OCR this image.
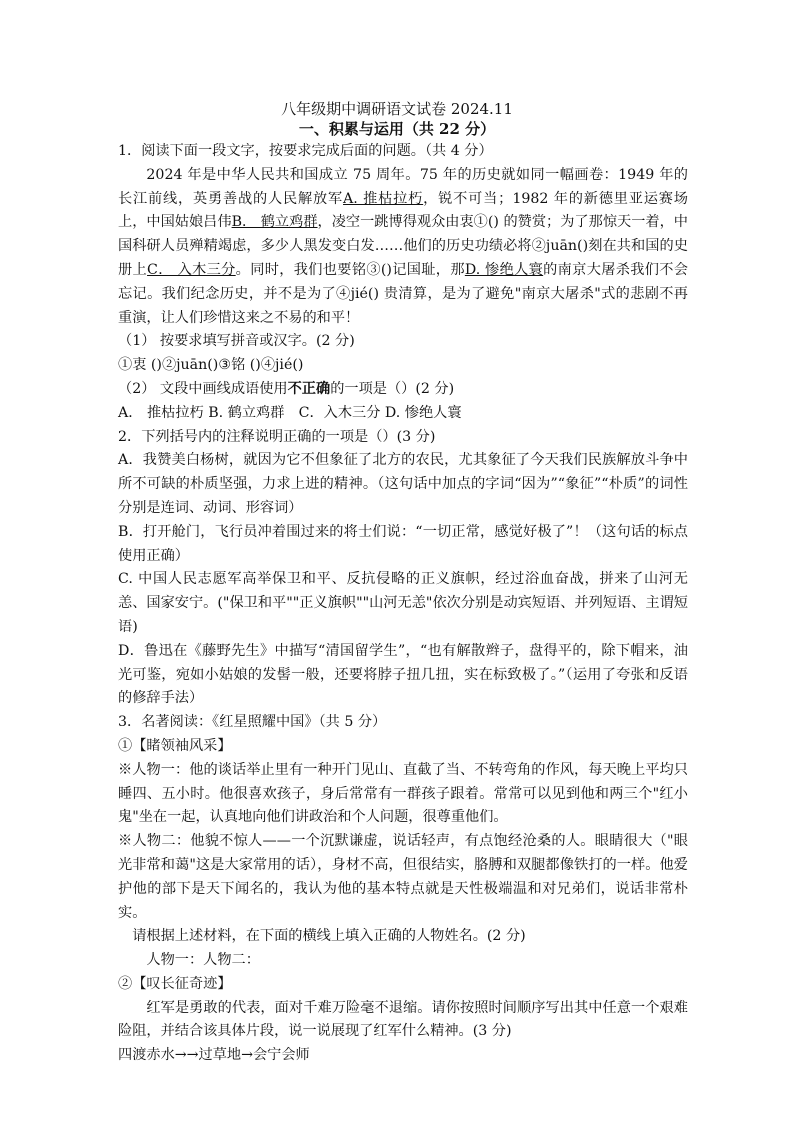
八年级期中调研语文试卷 2024.11
一、积累与运用（共 22 分）

1．阅读下面一段文字，按要求完成后面的问题。（共 4 分）

2024 年是中华人民共和国成立 75 周年。75 年的历史就如同一幅画卷：1949 年的长江前线，英勇善战的人民解放军A. 推枯拉朽，锐不可当；1982 年的新德里亚运赛场上，中国姑娘吕伟B． 鹤立鸡群，凌空一跳博得观众由衷①() 的赞赏；为了那惊天一着，中国科研人员殚精竭虑，多少人黑发变白发……他们的历史功绩必将②juān()刻在共和国的史册上C． 入木三分。同时，我们也要铭③()记国耻，那D. 惨绝人寰的南京大屠杀我们不会忘记。我们纪念历史，并不是为了④jié() 贵清算，是为了避免"南京大屠杀"式的悲剧不再重演，让人们珍惜这来之不易的和平！

（1） 按要求填写拼音或汉字。(2 分)

①衷 ()②juān()③铭 ()④jié()

（2） 文段中画线成语使用不正确的一项是（）(2 分)

A． 推枯拉朽 B. 鹤立鸡群　C．入木三分 D. 惨绝人寰

2．下列括号内的注释说明正确的一项是（）(3 分)

A．我赞美白杨树，就因为它不但象征了北方的农民，尤其象征了今天我们民族解放斗争中所不可缺的朴质坚强，力求上进的精神。（这句话中加点的字词“因为”“象征”“朴质”的词性分别是连词、动词、形容词）

B．打开舱门，飞行员冲着围过来的将士们说：“一切正常，感觉好极了”！（这句话的标点使用正确）

C. 中国人民志愿军高举保卫和平、反抗侵略的正义旗帜，经过浴血奋战，拼来了山河无恙、国家安宁。("保卫和平""正义旗帜""山河无恙"依次分别是动宾短语、并列短语、主谓短语)

D．鲁迅在《藤野先生》中描写“清国留学生”，“也有解散辫子，盘得平的，除下帽来，油光可鉴，宛如小姑娘的发髻一般，还要将脖子扭几扭，实在标致极了。”（运用了夸张和反语的修辞手法）

3．名著阅读：《红星照耀中国》（共 5 分）

①【睹领袖风采】

※人物一：他的谈话举止里有一种开门见山、直截了当、不转弯角的作风，每天晚上平均只睡四、五小时。他很喜欢孩子，身后常常有一群孩子跟着。常常可以见到他和两三个"红小鬼"坐在一起，认真地向他们讲政治和个人问题，很尊重他们。

※人物二：他貌不惊人——一个沉默谦虚，说话轻声，有点饱经沧桑的人。眼睛很大（"眼光非常和蔼"这是大家常用的话），身材不高，但很结实，胳膊和双腿都像铁打的一样。他爱护他的部下是天下闻名的，我认为他的基本特点就是天性极端温和对兄弟们，说话非常朴实。

请根据上述材料，在下面的横线上填入正确的人物姓名。(2 分)

人物一：人物二：

②【叹长征奇迹】

红军是勇敢的代表，面对千难万险毫不退缩。请你按照时间顺序写出其中任意一个艰难险阻，并结合该具体片段，说一说展现了红军什么精神。(3 分)

四渡赤水→→过草地→会宁会师
